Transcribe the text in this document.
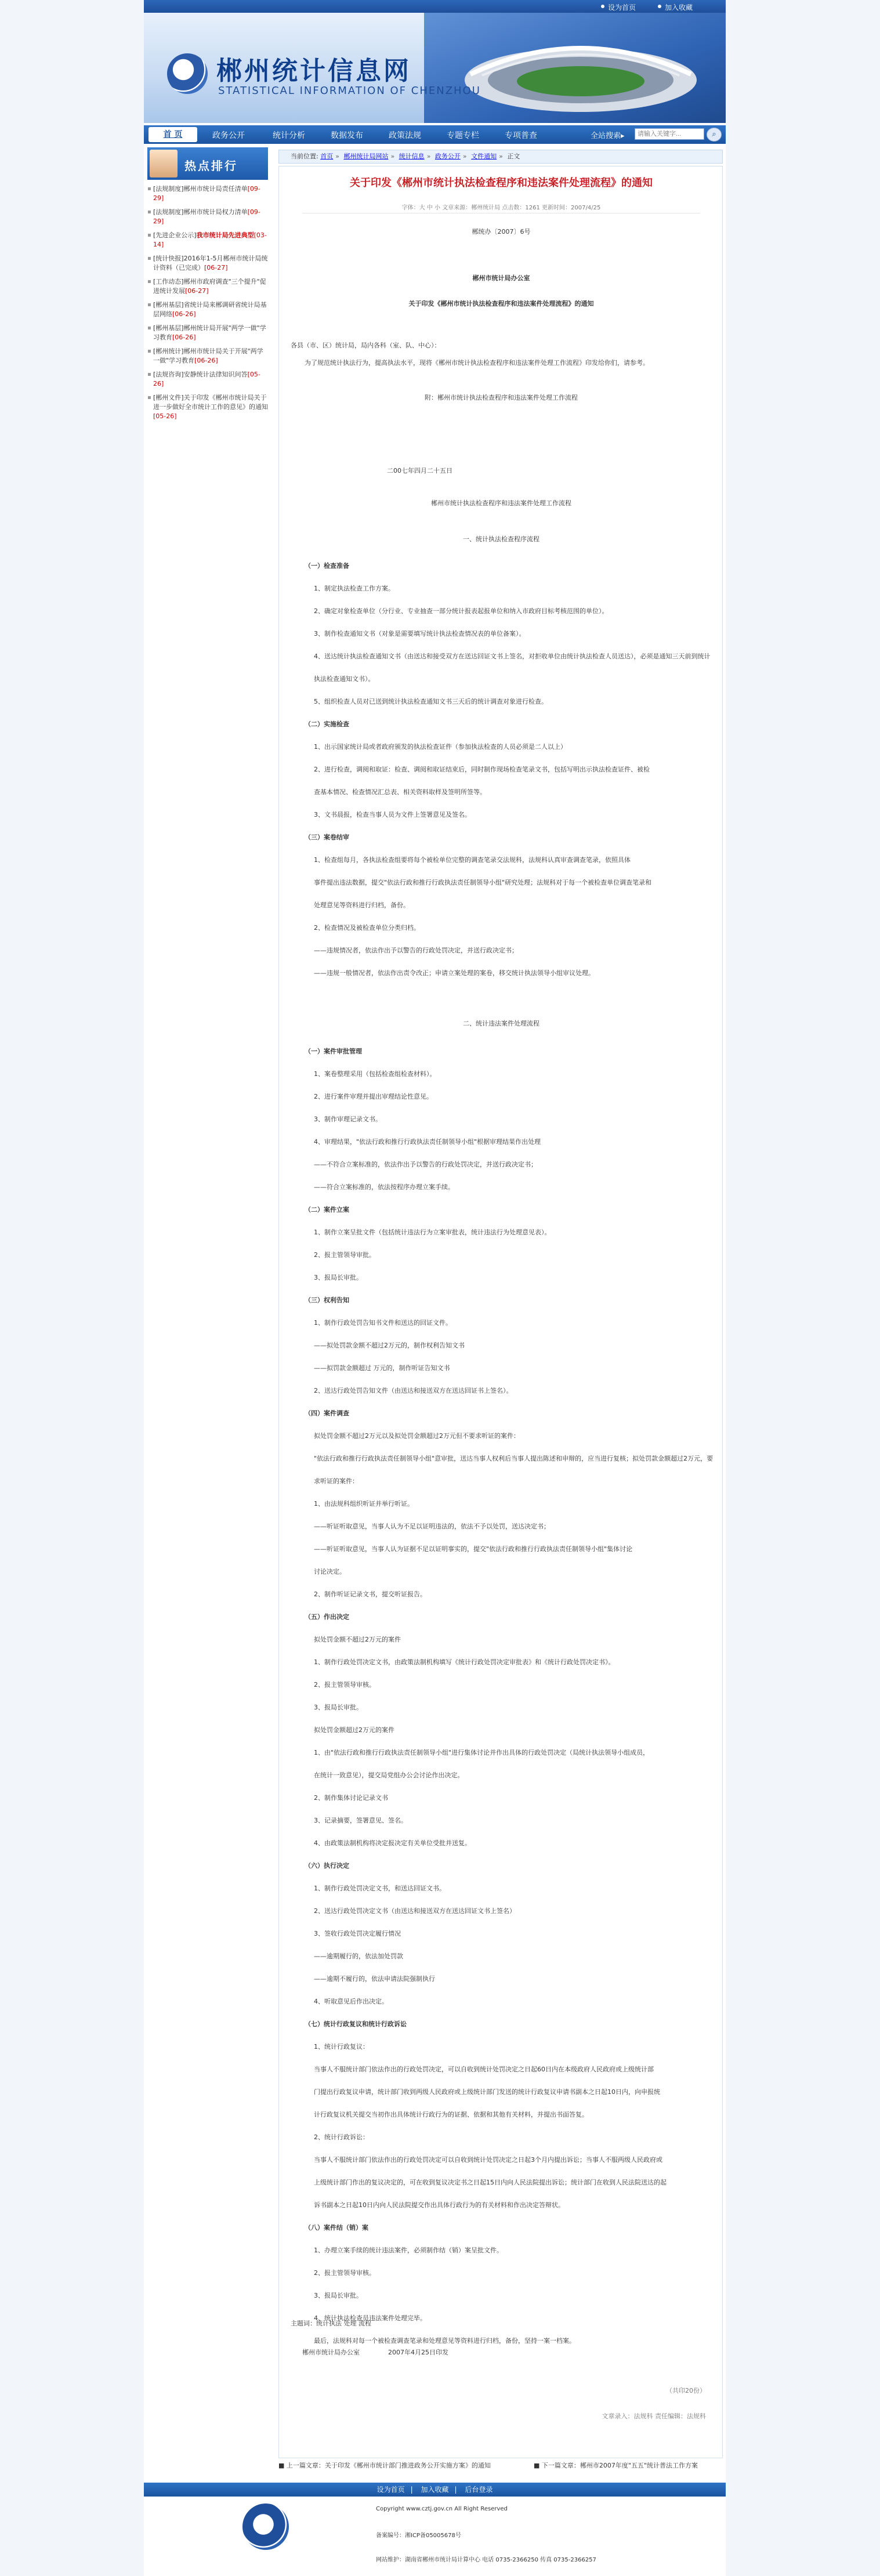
设为首页	加入收藏
郴州统计信息网
STATISTICAL INFORMATION OF CHENZHOU
首 页	政务公开	统计分析	数据发布	政策法规	专题专栏	专项普查	全站搜索▸
请输入关键字...	⌕
热点排行
▪ [法规制度]郴州市统计局责任清单[09-29]
▪ [法规制度]郴州市统计局权力清单[09-29]
▪ [先进企业公示]我市统计局先进典型[03-14]
▪ [统计快报]2016年1-5月郴州市统计局统计资料（已完成）[06-27]
▪ [工作动态]郴州市政府调查"三个提升"促进统计发展[06-27]
▪ [郴州基层]省统计局来郴调研省统计局基层网络[06-26]
▪ [郴州基层]郴州统计局开展"两学一做"学习教育[06-26]
▪ [郴州统计]郴州市统计局关于开展"两学一做"学习教育[06-26]
▪ [法规咨询]安静统计法律知识问答[05-26]
▪ [郴州文件]关于印发《郴州市统计局关于进一步做好全市统计工作的意见》的通知[05-26]
当前位置: 首页 » 郴州统计局网站 » 统计信息 » 政务公开 » 文件通知 » 正文
关于印发《郴州市统计执法检查程序和违法案件处理流程》的通知
字体：大 中 小 文章来源：郴州统计局 点击数：1261 更新时间：2007/4/25

郴统办〔2007〕6号

郴州市统计局办公室

关于印发《郴州市统计执法检查程序和违法案件处理流程》的通知

各县（市、区）统计局，局内各科（室、队、中心）：

为了规范统计执法行为，提高执法水平，现将《郴州市统计执法检查程序和违法案件处理工作流程》印发给你们，请参考。

附：郴州市统计执法检查程序和违法案件处理工作流程

二00七年四月二十五日

郴州市统计执法检查程序和违法案件处理工作流程

一、统计执法检查程序流程

（一）检查准备

1、制定执法检查工作方案。

2、确定对象检查单位（分行业、专业抽查一部分统计报表起报单位和纳入市政府目标考核范围的单位）。

3、制作检查通知文书（对象是需要填写统计执法检查情况表的单位备案）。

4、送达统计执法检查通知文书（由送达和接受双方在送达回证文书上签名，对拒收单位由统计执法检查人员送达），必须是通知三天前到统计

执法检查通知文书）。

5、组织检查人员对已送到统计执法检查通知文书三天后的统计调查对象进行检查。

（二）实施检查

1、出示国家统计局或者政府颁发的执法检查证件（参加执法检查的人员必须是二人以上）

2、进行检查，调阅和取证：检查、调阅和取证结束后，同时制作现场检查笔录文书，包括写明出示执法检查证件、被检

查基本情况、检查情况汇总表、相关资料取样及签明所签等。

3、文书晨报，检查当事人员为文件上签署意见及签名。

（三）案卷结审

1、检查组每月，各执法检查组要将每个被检单位完整的调查笔录交法规科，法规科认真审查调查笔录，依照具体

事件提出违法数据，提交"依法行政和推行行政执法责任制领导小组"研究处理；法规科对于每一个被检查单位调查笔录和

处理意见等资料进行归档，备份。

2、检查情况及被检查单位分类归档。

——违规情况者，依法作出予以警告的行政处罚决定，并送行政决定书；

——违规一般情况者，依法作出责令改正；申请立案处理的案卷，移交统计执法领导小组审议处理。

二、统计违法案件处理流程

（一）案件审批管理

1、案卷整理采用（包括检查组检查材料）。

2、进行案件审理并提出审理结论性意见。

3、制作审理记录文书。

4、审理结果，"依法行政和推行行政执法责任制领导小组"根据审理结果作出处理

——不符合立案标准的，依法作出予以警告的行政处罚决定，并送行政决定书；

——符合立案标准的，依法按程序办理立案手续。

（二）案件立案

1、制作立案呈批文件（包括统计违法行为立案审批表，统计违法行为处理意见表）。

2、报主管领导审批。

3、报局长审批。

（三）权利告知

1、制作行政处罚告知书文件和送达的回证文件。

——拟处罚款金额不超过2万元的，制作权利告知文书

——拟罚款金额超过 万元的，制作听证告知文书

2、送达行政处罚告知文件（由送达和接送双方在送达回证书上签名）。

（四）案件调查

拟处罚金额不超过2万元以及拟处罚金额超过2万元但不要求听证的案件：

"依法行政和推行行政执法责任制领导小组"意审批，送达当事人权利后当事人提出陈述和申辩的，应当进行复核；拟处罚款金额超过2万元，要

求听证的案件：

1、由法规科组织听证并举行听证。

——听证听取意见，当事人认为不足以证明违法的，依法不予以处罚，送达决定书；

——听证听取意见，当事人认为证据不足以证明事实的，提交"依法行政和推行行政执法责任制领导小组"集体讨论

讨论决定。

2、制作听证记录文书，提交听证报告。

（五）作出决定

拟处罚金额不超过2万元的案件

1、制作行政处罚决定文书，由政策法制机构填写《统计行政处罚决定审批表》和《统计行政处罚决定书》。

2、报主管领导审核。

3、报局长审批。

拟处罚金额超过2万元的案件

1、由"依法行政和推行行政执法责任制领导小组"进行集体讨论并作出具体的行政处罚决定（局统计执法领导小组成员，

在统计一致意见），提交局党组办公会讨论作出决定。

2、制作集体讨论记录文书

3、记录摘要，签署意见、签名。

4、由政策法制机构将决定报决定有关单位受批并送复。

（六）执行决定

1、制作行政处罚决定文书，和送达回证文书。

2、送达行政处罚决定文书（由送达和接送双方在送达回证文书上签名）

3、签收行政处罚决定履行情况

——逾期履行的，依法加处罚款

——逾期不履行的，依法申请法院强制执行

4、听取意见后作出决定。

（七）统计行政复议和统计行政诉讼

1、统计行政复议：

当事人不服统计部门依法作出的行政处罚决定，可以自收到统计处罚决定之日起60日内在本级政府人民政府或上级统计部

门提出行政复议申请，统计部门收到两级人民政府或上级统计部门发送的统计行政复议申请书副本之日起10日内，向申报统

计行政复议机关提交当初作出具体统计行政行为的证据、依据和其他有关材料，并提出书面答复。

2、统计行政诉讼：

当事人不服统计部门依法作出的行政处罚决定可以自收到统计处罚决定之日起3个月内提出诉讼；当事人不服两级人民政府或

上级统计部门作出的复议决定的，可在收到复议决定书之日起15日内向人民法院提出诉讼；统计部门在收到人民法院送达的起

诉书副本之日起10日内向人民法院提交作出具体行政行为的有关材料和作出决定答辩状。

（八）案件结（销）案

1、办理立案手续的统计违法案件，必须制作结（销）案呈批文件。

2、报主管领导审核。

3、报局长审批。

4、统计执法检查员违法案件处理完毕。

最后，法规科对每一个被检查调查笔录和处理意见等资料进行归档，备份，坚持一案一档案。

（共印20份）
文章录入：法规科 责任编辑：法规科
主题词：统计执法 处理 流程
郴州市统计局办公室              2007年4月25日印发
■ 上一篇文章：关于印发《郴州市统计部门推进政务公开实施方案》的通知	■ 下一篇文章：郴州市2007年度"五五"统计普法工作方案
设为首页 | 加入收藏 | 后台登录
Copyright www.cztj.gov.cn All Right Reserved
备案编号：湘ICP备05005678号
网站维护：湖南省郴州市统计局计算中心 电话 0735-2366250 传真 0735-2366257
